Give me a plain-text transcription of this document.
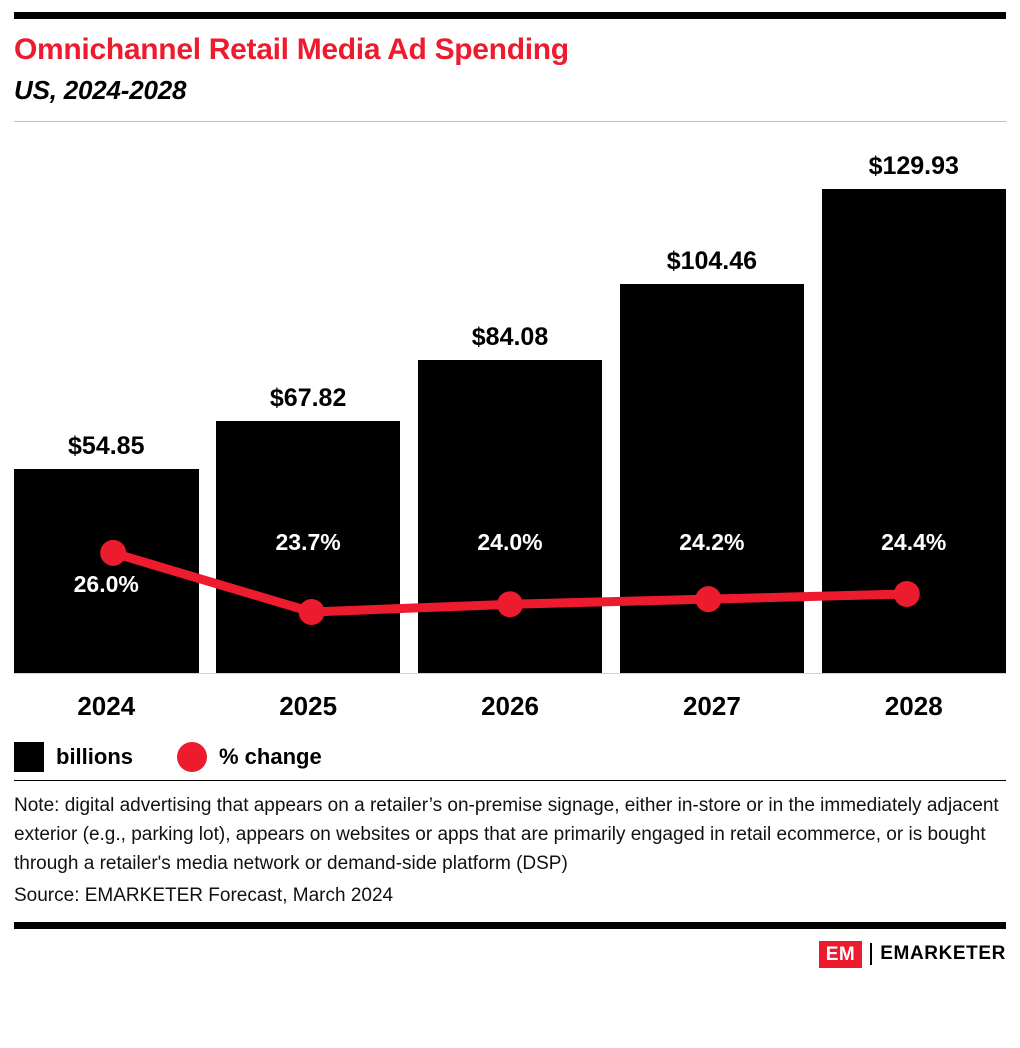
Omnichannel Retail Media Ad Spending
US, 2024-2028
$54.85
26.0%
$67.82
23.7%
$84.08
24.0%
$104.46
24.2%
$129.93
24.4%
2024	2025	2026	2027	2028
billions	% change
Note: digital advertising that appears on a retailer’s on-premise signage, either in-store or in the immediately adjacent exterior (e.g., parking lot), appears on websites or apps that are primarily engaged in retail ecommerce, or is bought through a retailer's media network or demand-side platform (DSP)
Source: EMARKETER Forecast, March 2024
EM	EMARKETER
